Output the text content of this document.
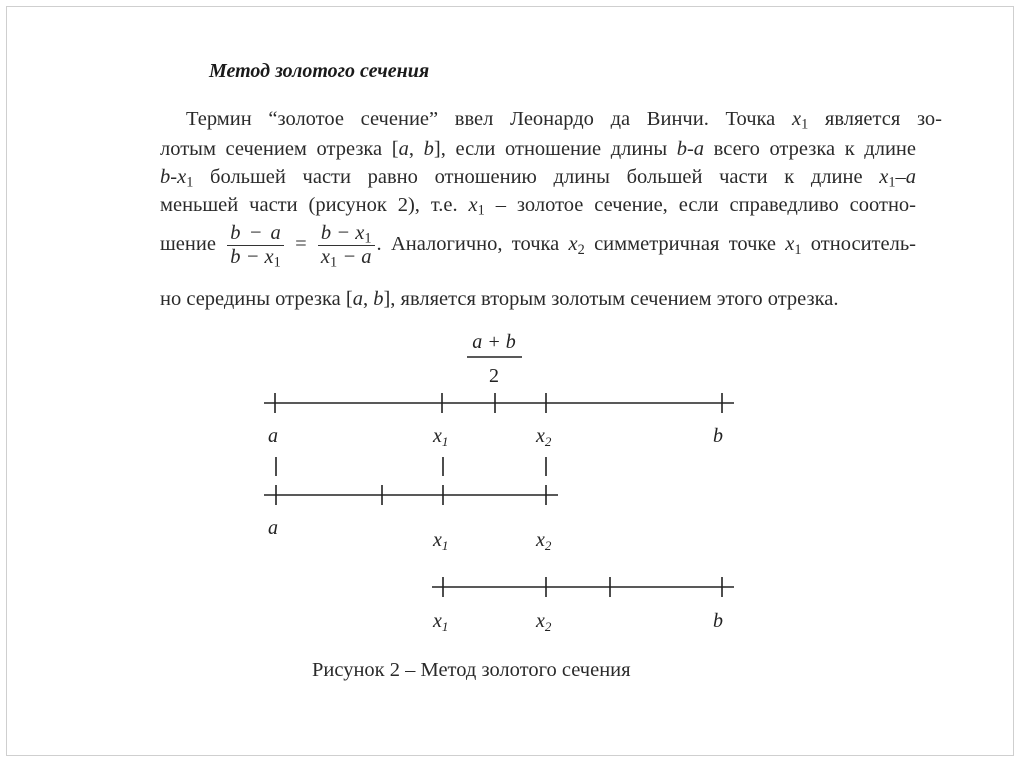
Метод золотого сечения
Термин “золотое сечение” ввел Леонардо да Винчи. Точка $x_1$ является зо-
лотым сечением отрезка [a, b], если отношение длины b-a всего отрезка к длине
$b-x_1$ большей части равно отношению длины большей части к длине $x_1-a$
меньшей части (рисунок 2), т.е. $x_1$ – золотое сечение, если справедливо соотно-
шение $\frac{b - a}{b - x_1} = \frac{b - x_1}{x_1 - a}$ . Аналогично, точка $x_2$ симметричная точке $x_1$ относитель-
но середины отрезка [a, b], является вторым золотым сечением этого отрезка.
a + b
2
a	$x_1$	$x_2$	b
a
$x_1$	$x_2$
$x_1$	$x_2$	b
Рисунок 2 – Метод золотого сечения
